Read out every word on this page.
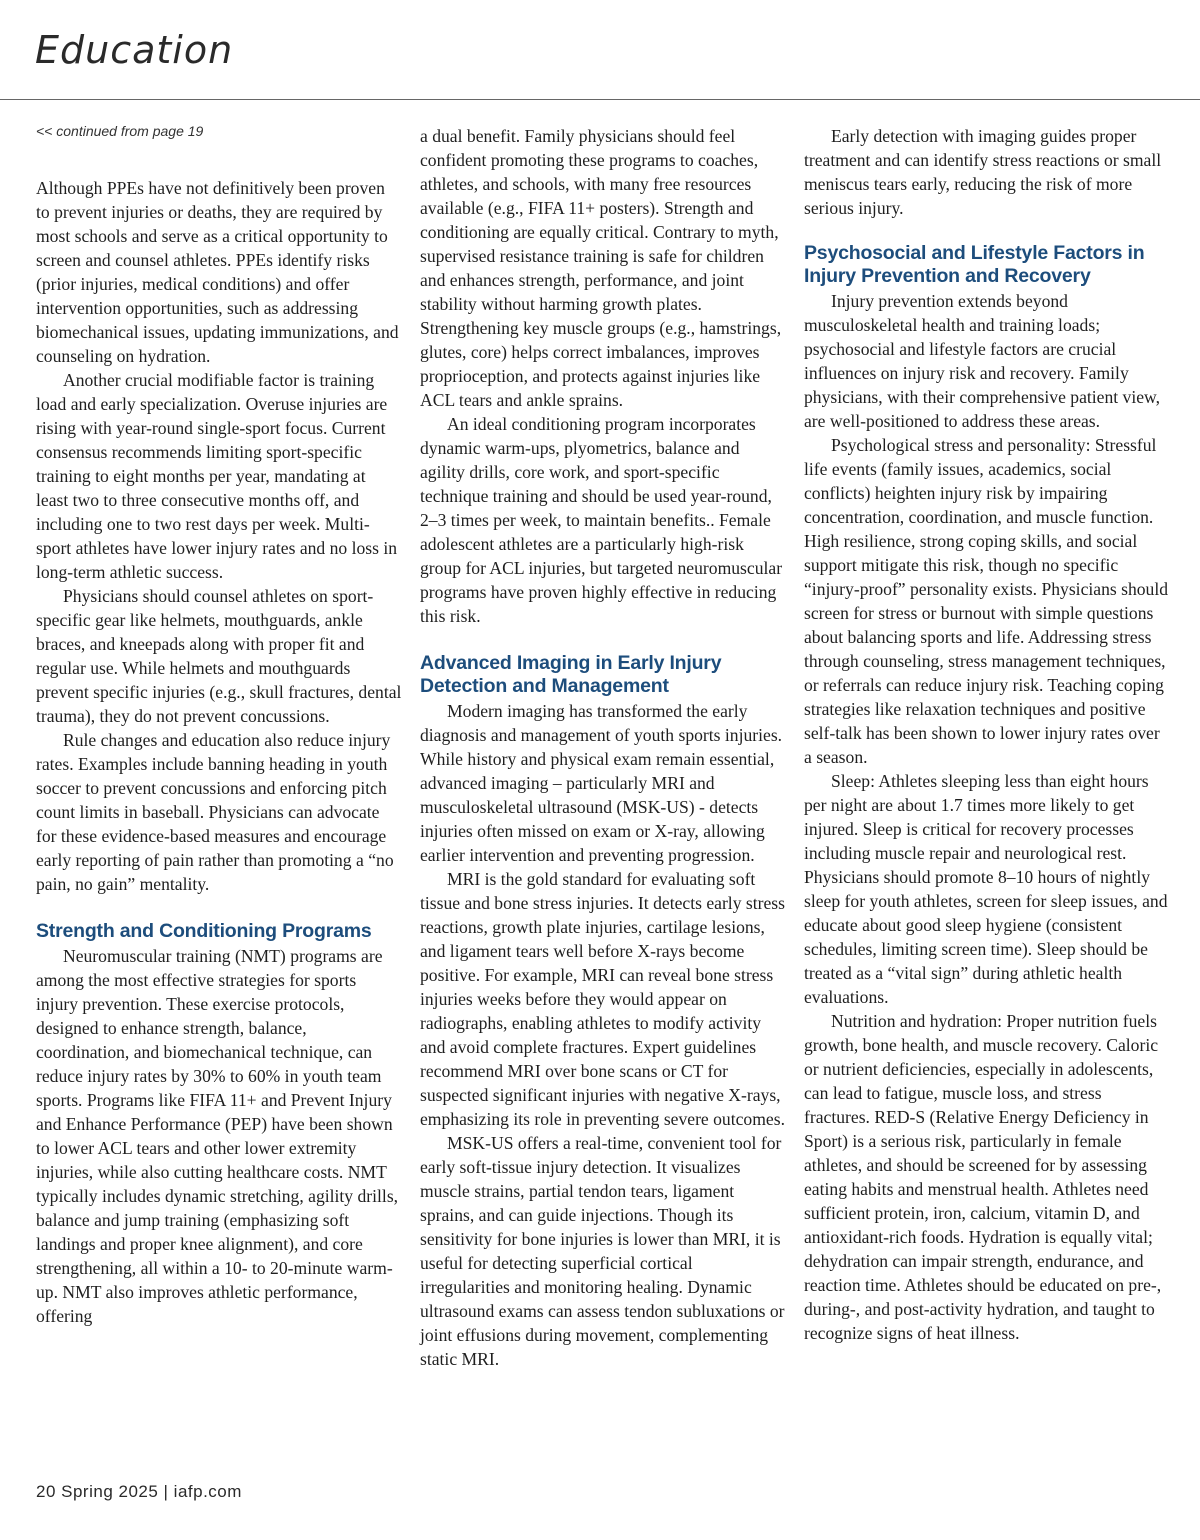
Education

<< continued from page 19

Although PPEs have not definitively been proven to prevent injuries or deaths, they are required by most schools and serve as a critical opportunity to screen and counsel athletes. PPEs identify risks (prior injuries, medical conditions) and offer intervention opportunities, such as addressing biomechanical issues, updating immunizations, and counseling on hydration.

Another crucial modifiable factor is training load and early specialization. Overuse injuries are rising with year-round single-sport focus. Current consensus recommends limiting sport-specific training to eight months per year, mandating at least two to three consecutive months off, and including one to two rest days per week. Multi-sport athletes have lower injury rates and no loss in long-term athletic success.

Physicians should counsel athletes on sport-specific gear like helmets, mouthguards, ankle braces, and kneepads along with proper fit and regular use. While helmets and mouthguards prevent specific injuries (e.g., skull fractures, dental trauma), they do not prevent concussions.

Rule changes and education also reduce injury rates. Examples include banning heading in youth soccer to prevent concussions and enforcing pitch count limits in baseball. Physicians can advocate for these evidence-based measures and encourage early reporting of pain rather than promoting a “no pain, no gain” mentality.

Strength and Conditioning Programs

Neuromuscular training (NMT) programs are among the most effective strategies for sports injury prevention. These exercise protocols, designed to enhance strength, balance, coordination, and biomechanical technique, can reduce injury rates by 30% to 60% in youth team sports. Programs like FIFA 11+ and Prevent Injury and Enhance Performance (PEP) have been shown to lower ACL tears and other lower extremity injuries, while also cutting healthcare costs. NMT typically includes dynamic stretching, agility drills, balance and jump training (emphasizing soft landings and proper knee alignment), and core strengthening, all within a 10- to 20-minute warm-up. NMT also improves athletic performance, offering

a dual benefit. Family physicians should feel confident promoting these programs to coaches, athletes, and schools, with many free resources available (e.g., FIFA 11+ posters). Strength and conditioning are equally critical. Contrary to myth, supervised resistance training is safe for children and enhances strength, performance, and joint stability without harming growth plates. Strengthening key muscle groups (e.g., hamstrings, glutes, core) helps correct imbalances, improves proprioception, and protects against injuries like ACL tears and ankle sprains.

An ideal conditioning program incorporates dynamic warm-ups, plyometrics, balance and agility drills, core work, and sport-specific technique training and should be used year-round, 2–3 times per week, to maintain benefits.. Female adolescent athletes are a particularly high-risk group for ACL injuries, but targeted neuromuscular programs have proven highly effective in reducing this risk.

Advanced Imaging in Early Injury Detection and Management

Modern imaging has transformed the early diagnosis and management of youth sports injuries. While history and physical exam remain essential, advanced imaging – particularly MRI and musculoskeletal ultrasound (MSK-US) - detects injuries often missed on exam or X-ray, allowing earlier intervention and preventing progression.

MRI is the gold standard for evaluating soft tissue and bone stress injuries. It detects early stress reactions, growth plate injuries, cartilage lesions, and ligament tears well before X-rays become positive. For example, MRI can reveal bone stress injuries weeks before they would appear on radiographs, enabling athletes to modify activity and avoid complete fractures. Expert guidelines recommend MRI over bone scans or CT for suspected significant injuries with negative X-rays, emphasizing its role in preventing severe outcomes.

MSK-US offers a real-time, convenient tool for early soft-tissue injury detection. It visualizes muscle strains, partial tendon tears, ligament sprains, and can guide injections. Though its sensitivity for bone injuries is lower than MRI, it is useful for detecting superficial cortical irregularities and monitoring healing. Dynamic ultrasound exams can assess tendon subluxations or joint effusions during movement, complementing static MRI.

Early detection with imaging guides proper treatment and can identify stress reactions or small meniscus tears early, reducing the risk of more serious injury.

Psychosocial and Lifestyle Factors in Injury Prevention and Recovery

Injury prevention extends beyond musculoskeletal health and training loads; psychosocial and lifestyle factors are crucial influences on injury risk and recovery. Family physicians, with their comprehensive patient view, are well-positioned to address these areas.

Psychological stress and personality: Stressful life events (family issues, academics, social conflicts) heighten injury risk by impairing concentration, coordination, and muscle function. High resilience, strong coping skills, and social support mitigate this risk, though no specific “injury-proof” personality exists. Physicians should screen for stress or burnout with simple questions about balancing sports and life. Addressing stress through counseling, stress management techniques, or referrals can reduce injury risk. Teaching coping strategies like relaxation techniques and positive self-talk has been shown to lower injury rates over a season.

Sleep: Athletes sleeping less than eight hours per night are about 1.7 times more likely to get injured. Sleep is critical for recovery processes including muscle repair and neurological rest. Physicians should promote 8–10 hours of nightly sleep for youth athletes, screen for sleep issues, and educate about good sleep hygiene (consistent schedules, limiting screen time). Sleep should be treated as a “vital sign” during athletic health evaluations.

Nutrition and hydration: Proper nutrition fuels growth, bone health, and muscle recovery. Caloric or nutrient deficiencies, especially in adolescents, can lead to fatigue, muscle loss, and stress fractures. RED-S (Relative Energy Deficiency in Sport) is a serious risk, particularly in female athletes, and should be screened for by assessing eating habits and menstrual health. Athletes need sufficient protein, iron, calcium, vitamin D, and antioxidant-rich foods. Hydration is equally vital; dehydration can impair strength, endurance, and reaction time. Athletes should be educated on pre-, during-, and post-activity hydration, and taught to recognize signs of heat illness.

20 Spring 2025 | iafp.com
